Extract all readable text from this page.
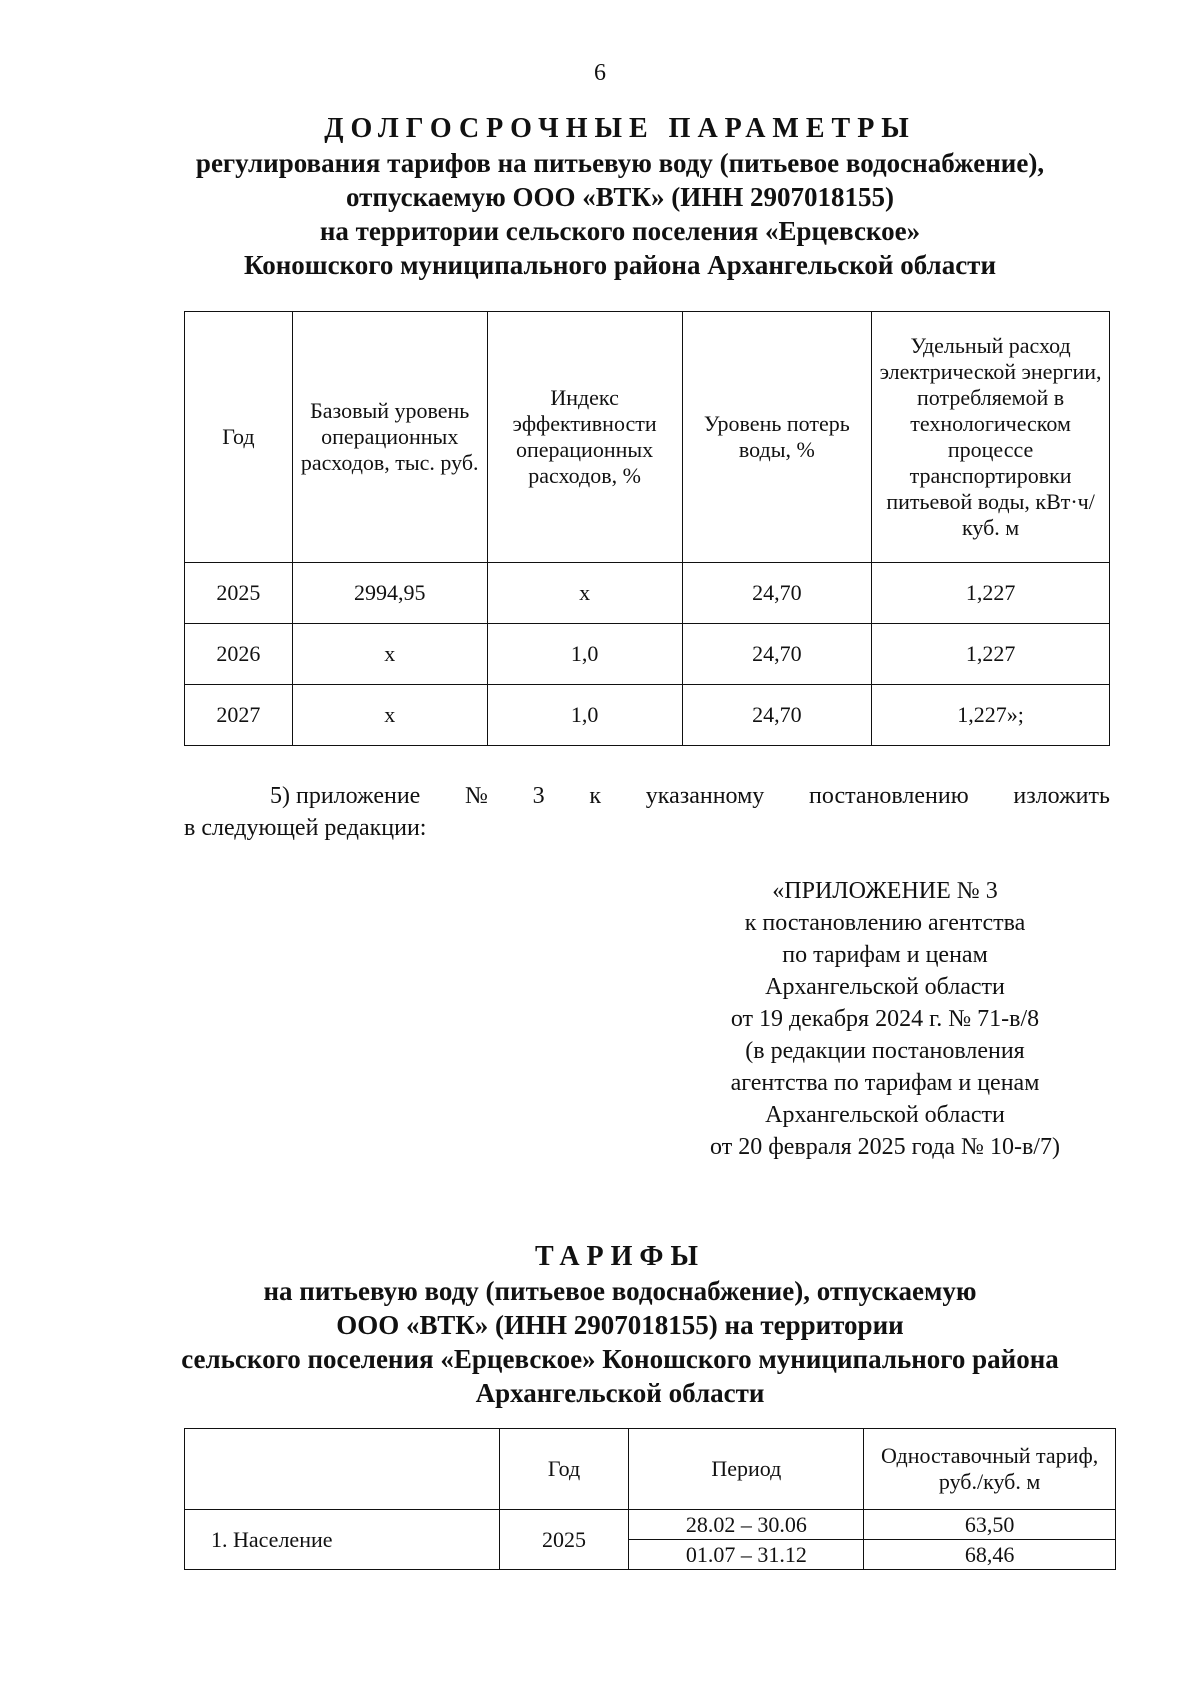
6
ДОЛГОСРОЧНЫЕ ПАРАМЕТРЫ
регулирования тарифов на питьевую воду (питьевое водоснабжение),
отпускаемую ООО «ВТК» (ИНН 2907018155)
на территории сельского поселения «Ерцевское»
Коношского муниципального района Архангельской области
Год	Базовый уровень операционных расходов, тыс. руб.	Индекс эффективности операционных расходов, %	Уровень потерь воды, %	Удельный расход электрической энергии, потребляемой в технологическом процессе транспортировки питьевой воды, кВт·ч/куб. м
2025	2994,95	x	24,70	1,227
2026	x	1,0	24,70	1,227
2027	x	1,0	24,70	1,227»;
5) приложение № 3 к указанному постановлению изложить
в следующей редакции:
«ПРИЛОЖЕНИЕ № 3
к постановлению агентства
по тарифам и ценам
Архангельской области
от 19 декабря 2024 г. № 71-в/8
(в редакции постановления
агентства по тарифам и ценам
Архангельской области
от 20 февраля 2025 года № 10-в/7)
ТАРИФЫ
на питьевую воду (питьевое водоснабжение), отпускаемую
ООО «ВТК» (ИНН 2907018155) на территории
сельского поселения «Ерцевское» Коношского муниципального района
Архангельской области
	Год	Период	Одноставочный тариф, руб./куб. м
1. Население	2025	28.02 – 30.06	63,50
		01.07 – 31.12	68,46
